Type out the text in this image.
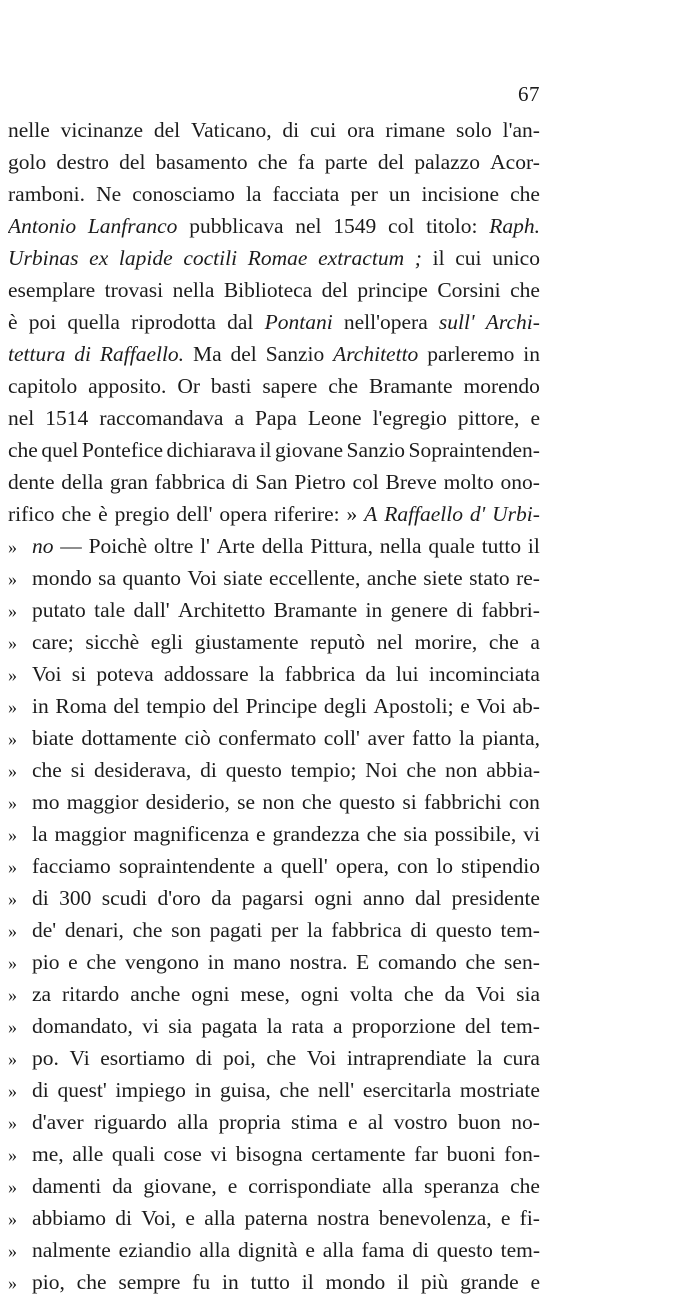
67
nelle vicinanze del Vaticano, di cui ora rimane solo l'an-
golo destro del basamento che fa parte del palazzo Acor-
ramboni. Ne conosciamo la facciata per un incisione che
Antonio Lanfranco pubblicava nel 1549 col titolo: Raph.
Urbinas ex lapide coctili Romae extractum ; il cui unico
esemplare trovasi nella Biblioteca del principe Corsini che
è poi quella riprodotta dal Pontani nell'opera sull' Archi-
tettura di Raffaello. Ma del Sanzio Architetto parleremo in
capitolo apposito. Or basti sapere che Bramante morendo
nel 1514 raccomandava a Papa Leone l'egregio pittore, e
che quel Pontefice dichiarava il giovane Sanzio Sopraintenden-
dente della gran fabbrica di San Pietro col Breve molto ono-
rifico che è pregio dell' opera riferire: » A Raffaello d' Urbi-
» no — Poichè oltre l' Arte della Pittura, nella quale tutto il
» mondo sa quanto Voi siate eccellente, anche siete stato re-
» putato tale dall' Architetto Bramante in genere di fabbri-
» care; sicchè egli giustamente reputò nel morire, che a
» Voi si poteva addossare la fabbrica da lui incominciata
» in Roma del tempio del Principe degli Apostoli; e Voi ab-
» biate dottamente ciò confermato coll' aver fatto la pianta,
» che si desiderava, di questo tempio; Noi che non abbia-
» mo maggior desiderio, se non che questo si fabbrichi con
» la maggior magnificenza e grandezza che sia possibile, vi
» facciamo sopraintendente a quell' opera, con lo stipendio
» di 300 scudi d'oro da pagarsi ogni anno dal presidente
» de' denari, che son pagati per la fabbrica di questo tem-
» pio e che vengono in mano nostra. E comando che sen-
» za ritardo anche ogni mese, ogni volta che da Voi sia
» domandato, vi sia pagata la rata a proporzione del tem-
» po. Vi esortiamo di poi, che Voi intraprendiate la cura
» di quest' impiego in guisa, che nell' esercitarla mostriate
» d'aver riguardo alla propria stima e al vostro buon no-
» me, alle quali cose vi bisogna certamente far buoni fon-
» damenti da giovane, e corrispondiate alla speranza che
» abbiamo di Voi, e alla paterna nostra benevolenza, e fi-
» nalmente eziandio alla dignità e alla fama di questo tem-
» pio, che sempre fu in tutto il mondo il più grande e
